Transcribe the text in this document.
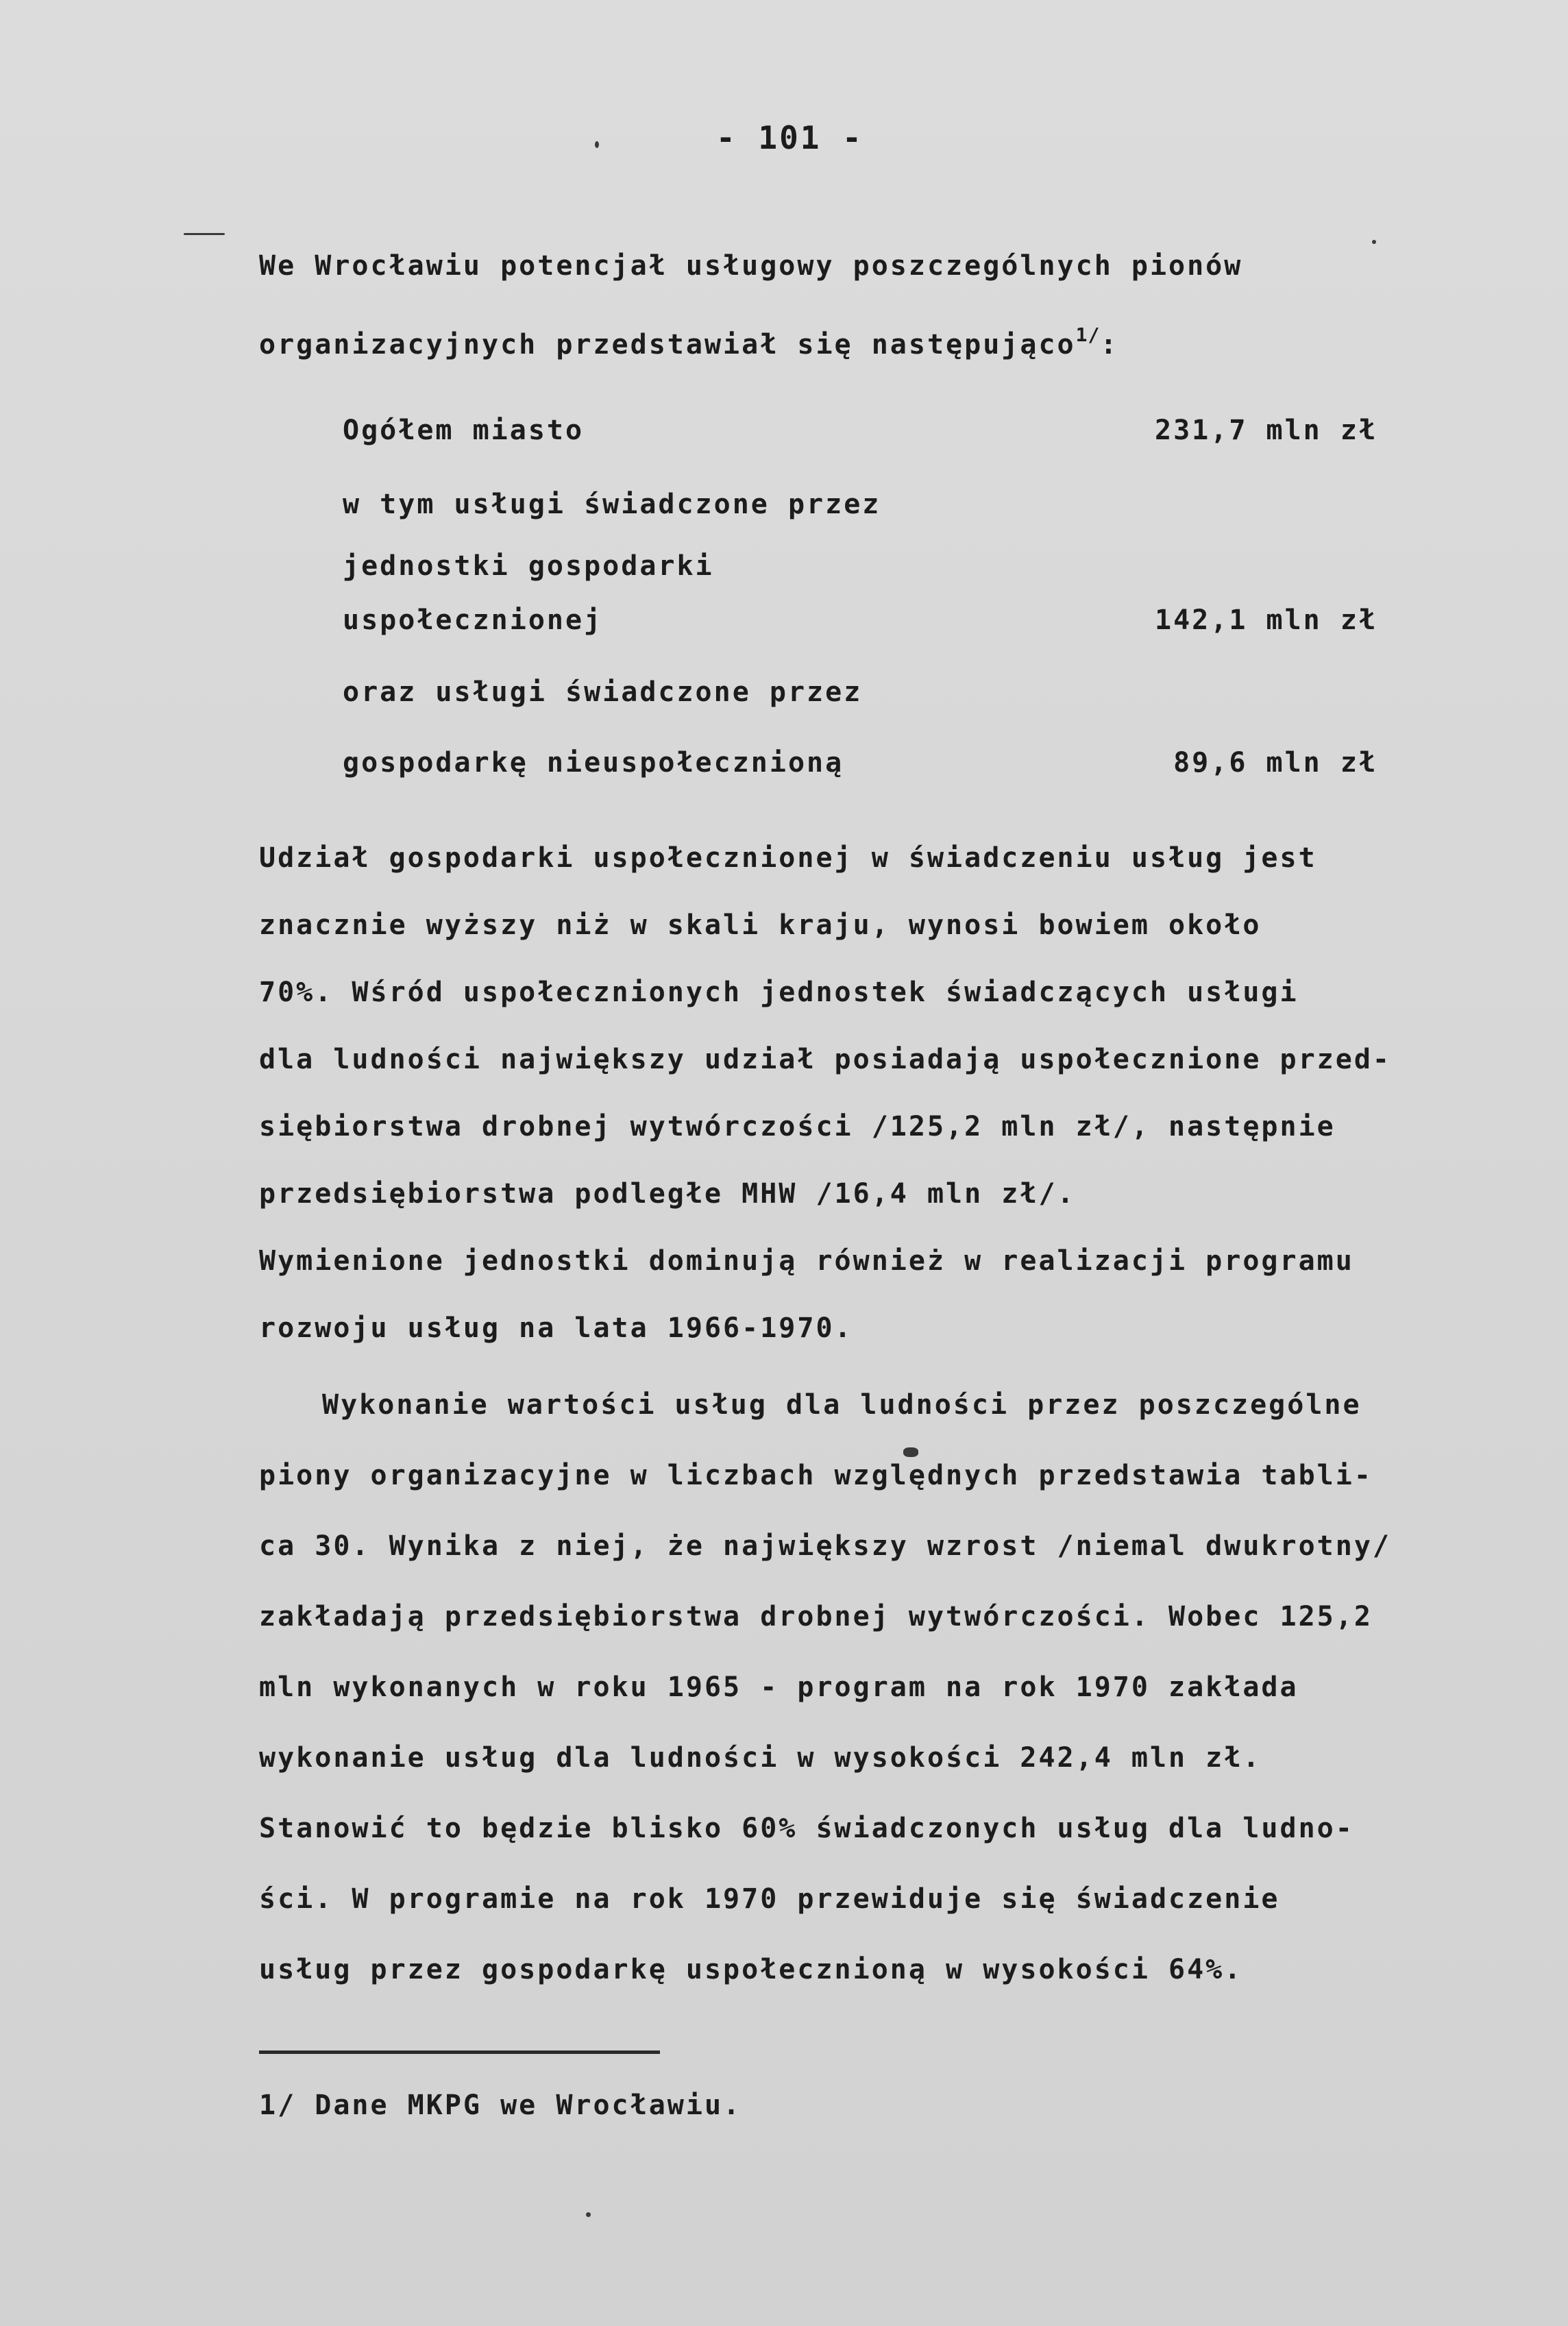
- 101 -
We Wrocławiu potencjał usługowy poszczególnych pionów
organizacyjnych przedstawiał się następująco$^{1/}$:
Ogółem miasto	231,7 mln zł
w tym usługi świadczone przez
jednostki gospodarki
uspołecznionej	142,1 mln zł
oraz usługi świadczone przez
gospodarkę nieuspołecznioną	89,6 mln zł
Udział gospodarki uspołecznionej w świadczeniu usług jest
znacznie wyższy niż w skali kraju, wynosi bowiem około
70%. Wśród uspołecznionych jednostek świadczących usługi
dla ludności największy udział posiadają uspołecznione przed-
siębiorstwa drobnej wytwórczości /125,2 mln zł/, następnie
przedsiębiorstwa podległe MHW /16,4 mln zł/.
Wymienione jednostki dominują również w realizacji programu
rozwoju usług na lata 1966-1970.
Wykonanie wartości usług dla ludności przez poszczególne
piony organizacyjne w liczbach względnych przedstawia tabli-
ca 30. Wynika z niej, że największy wzrost /niemal dwukrotny/
zakładają przedsiębiorstwa drobnej wytwórczości. Wobec 125,2
mln wykonanych w roku 1965 - program na rok 1970 zakłada
wykonanie usług dla ludności w wysokości 242,4 mln zł.
Stanowić to będzie blisko 60% świadczonych usług dla ludno-
ści. W programie na rok 1970 przewiduje się świadczenie
usług przez gospodarkę uspołecznioną w wysokości 64%.
1/ Dane MKPG we Wrocławiu.
